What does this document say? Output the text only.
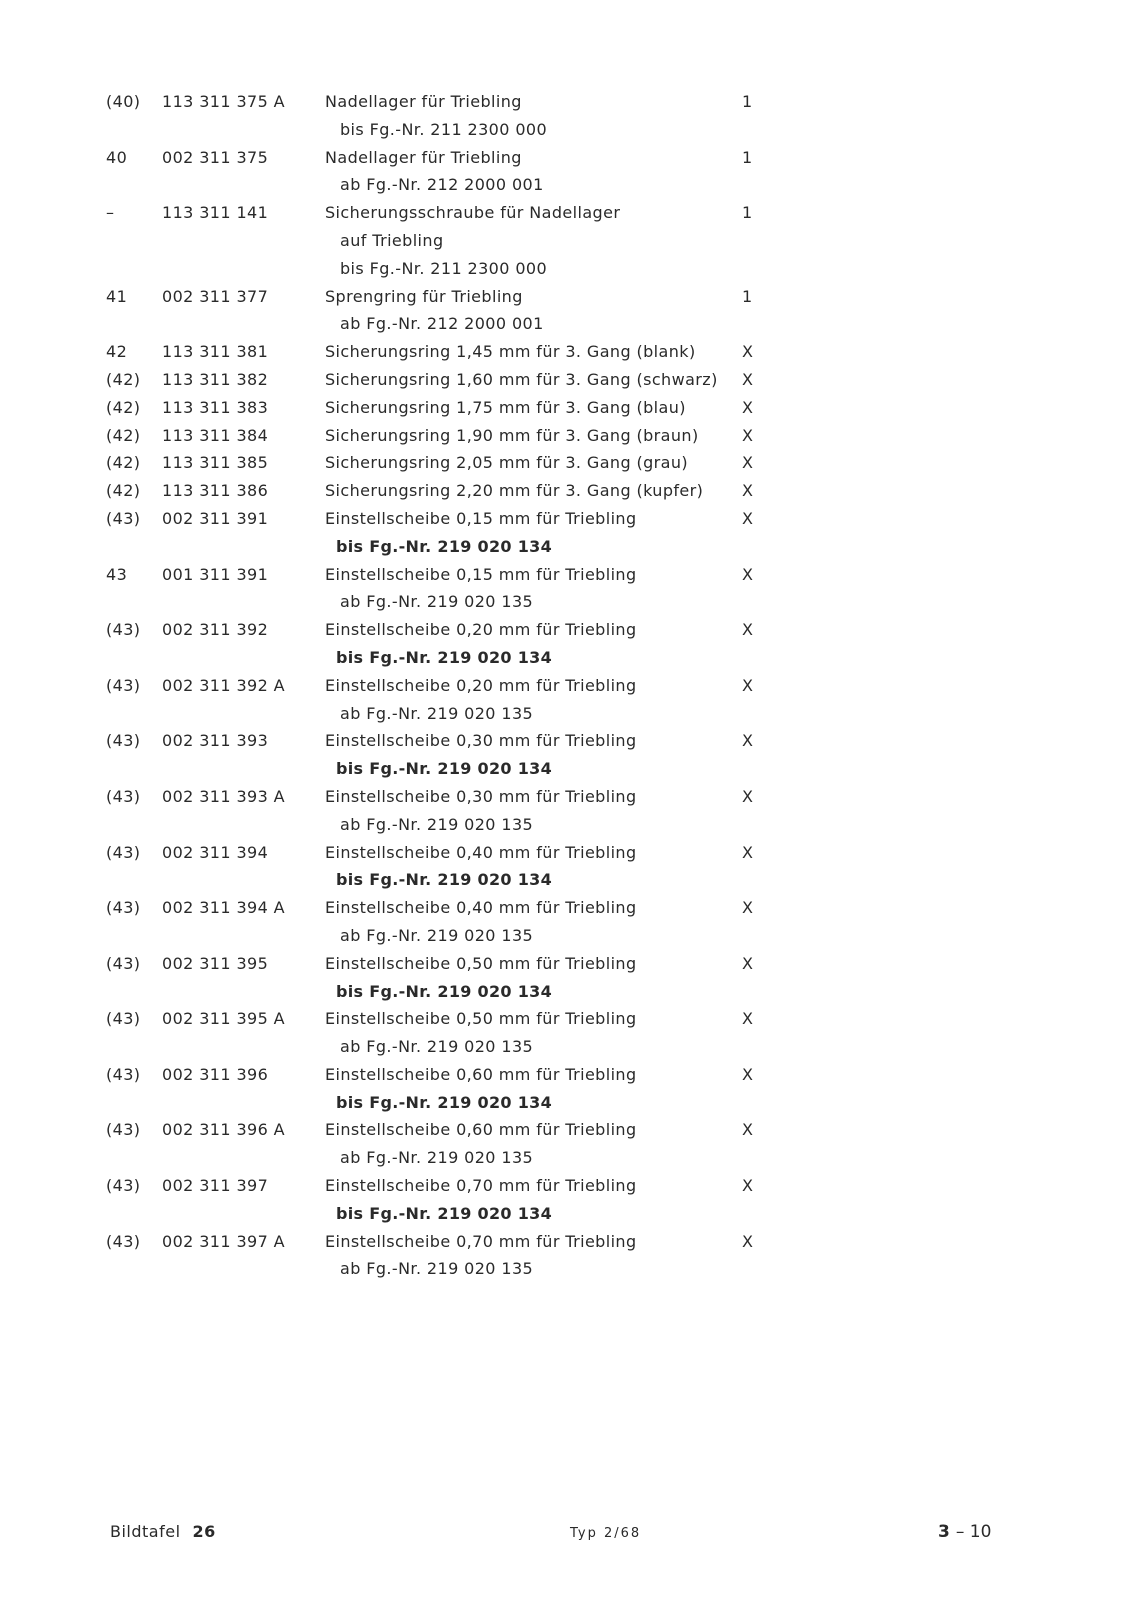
(40) 113 311 375 A Nadellager für Triebling	1
bis Fg.-Nr. 211 2300 000
40 002 311 375	Nadellager für Triebling	1
ab Fg.-Nr. 212 2000 001
–	113 311 141	Sicherungsschraube für Nadellager	1
auf Triebling
bis Fg.-Nr. 211 2300 000
41 002 311 377	Sprengring für Triebling	1
ab Fg.-Nr. 212 2000 001
42 113 311 381	Sicherungsring 1,45 mm für 3. Gang (blank)	X
(42) 113 311 382	Sicherungsring 1,60 mm für 3. Gang (schwarz) X
(42) 113 311 383	Sicherungsring 1,75 mm für 3. Gang (blau)	X
(42) 113 311 384	Sicherungsring 1,90 mm für 3. Gang (braun)	X
(42) 113 311 385	Sicherungsring 2,05 mm für 3. Gang (grau)	X
(42) 113 311 386	Sicherungsring 2,20 mm für 3. Gang (kupfer) X
(43) 002 311 391	Einstellscheibe 0,15 mm für Triebling	X
bis Fg.-Nr. 219 020 134
43 001 311 391	Einstellscheibe 0,15 mm für Triebling	X
ab Fg.-Nr. 219 020 135
(43) 002 311 392	Einstellscheibe 0,20 mm für Triebling	X
bis Fg.-Nr. 219 020 134
(43) 002 311 392 A Einstellscheibe 0,20 mm für Triebling	X
ab Fg.-Nr. 219 020 135
(43) 002 311 393	Einstellscheibe 0,30 mm für Triebling	X
bis Fg.-Nr. 219 020 134
(43) 002 311 393 A Einstellscheibe 0,30 mm für Triebling	X
ab Fg.-Nr. 219 020 135
(43) 002 311 394	Einstellscheibe 0,40 mm für Triebling	X
bis Fg.-Nr. 219 020 134
(43) 002 311 394 A Einstellscheibe 0,40 mm für Triebling	X
ab Fg.-Nr. 219 020 135
(43) 002 311 395	Einstellscheibe 0,50 mm für Triebling	X
bis Fg.-Nr. 219 020 134
(43) 002 311 395 A Einstellscheibe 0,50 mm für Triebling	X
ab Fg.-Nr. 219 020 135
(43) 002 311 396	Einstellscheibe 0,60 mm für Triebling	X
bis Fg.-Nr. 219 020 134
(43) 002 311 396 A Einstellscheibe 0,60 mm für Triebling	X
ab Fg.-Nr. 219 020 135
(43) 002 311 397	Einstellscheibe 0,70 mm für Triebling	X
bis Fg.-Nr. 219 020 134
(43) 002 311 397 A Einstellscheibe 0,70 mm für Triebling	X
ab Fg.-Nr. 219 020 135
Bildtafel 26	Typ 2/68	3 – 10
